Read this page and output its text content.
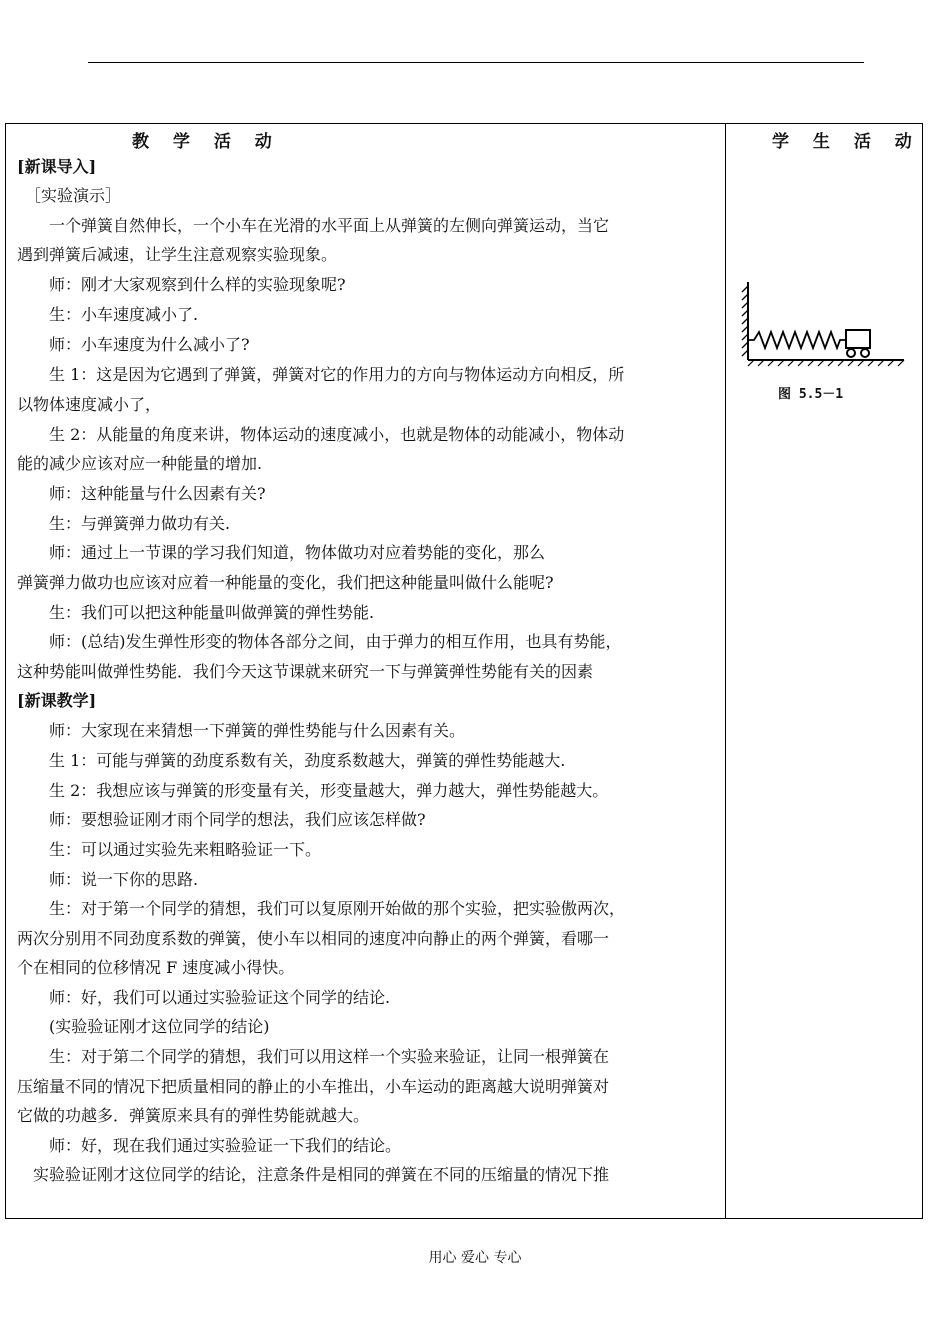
教 学 活 动	学 生 活 动
[新课导入]
　［实验演示］
　　一个弹簧自然伸长，一个小车在光滑的水平面上从弹簧的左侧向弹簧运动，当它
遇到弹簧后减速，让学生注意观察实验现象。
　　师：刚才大家观察到什么样的实验现象呢?
　　生：小车速度减小了.
　　师：小车速度为什么减小了?
　　生 1：这是因为它遇到了弹簧，弹簧对它的作用力的方向与物体运动方向相反，所
以物体速度减小了，
　　生 2：从能量的角度来讲，物体运动的速度减小，也就是物体的动能减小，物体动
能的减少应该对应一种能量的增加.
　　师：这种能量与什么因素有关?
　　生：与弹簧弹力做功有关.
　　师：通过上一节课的学习我们知道，物体做功对应着势能的变化，那么
弹簧弹力做功也应该对应着一种能量的变化，我们把这种能量叫做什么能呢?
　　生：我们可以把这种能量叫做弹簧的弹性势能.
　　师：(总结)发生弹性形变的物体各部分之间，由于弹力的相互作用，也具有势能，
这种势能叫做弹性势能．我们今天这节课就来研究一下与弹簧弹性势能有关的因素
[新课教学]
　　师：大家现在来猜想一下弹簧的弹性势能与什么因素有关。
　　生 1：可能与弹簧的劲度系数有关，劲度系数越大，弹簧的弹性势能越大.
　　生 2：我想应该与弹簧的形变量有关，形变量越大，弹力越大，弹性势能越大。
　　师：要想验证刚才雨个同学的想法，我们应该怎样做?
　　生：可以通过实验先来粗略验证一下。
　　师：说一下你的思路.
　　生：对于第一个同学的猜想，我们可以复原刚开始做的那个实验，把实验傲两次，
两次分别用不同劲度系数的弹簧，使小车以相同的速度冲向静止的两个弹簧，看哪一
个在相同的位移情况 F 速度减小得快。
　　师：好，我们可以通过实验验证这个同学的结论.
　　(实验验证刚才这位同学的结论)
　　生：对于第二个同学的猜想，我们可以用这样一个实验来验证，让同一根弹簧在
压缩量不同的情况下把质量相同的静止的小车推出，小车运动的距离越大说明弹簧对
它做的功越多．弹簧原来具有的弹性势能就越大。
　　师：好，现在我们通过实验验证一下我们的结论。
　实验验证刚才这位同学的结论，注意条件是相同的弹簧在不同的压缩量的情况下推
图 5.5－1
用心 爱心 专心
